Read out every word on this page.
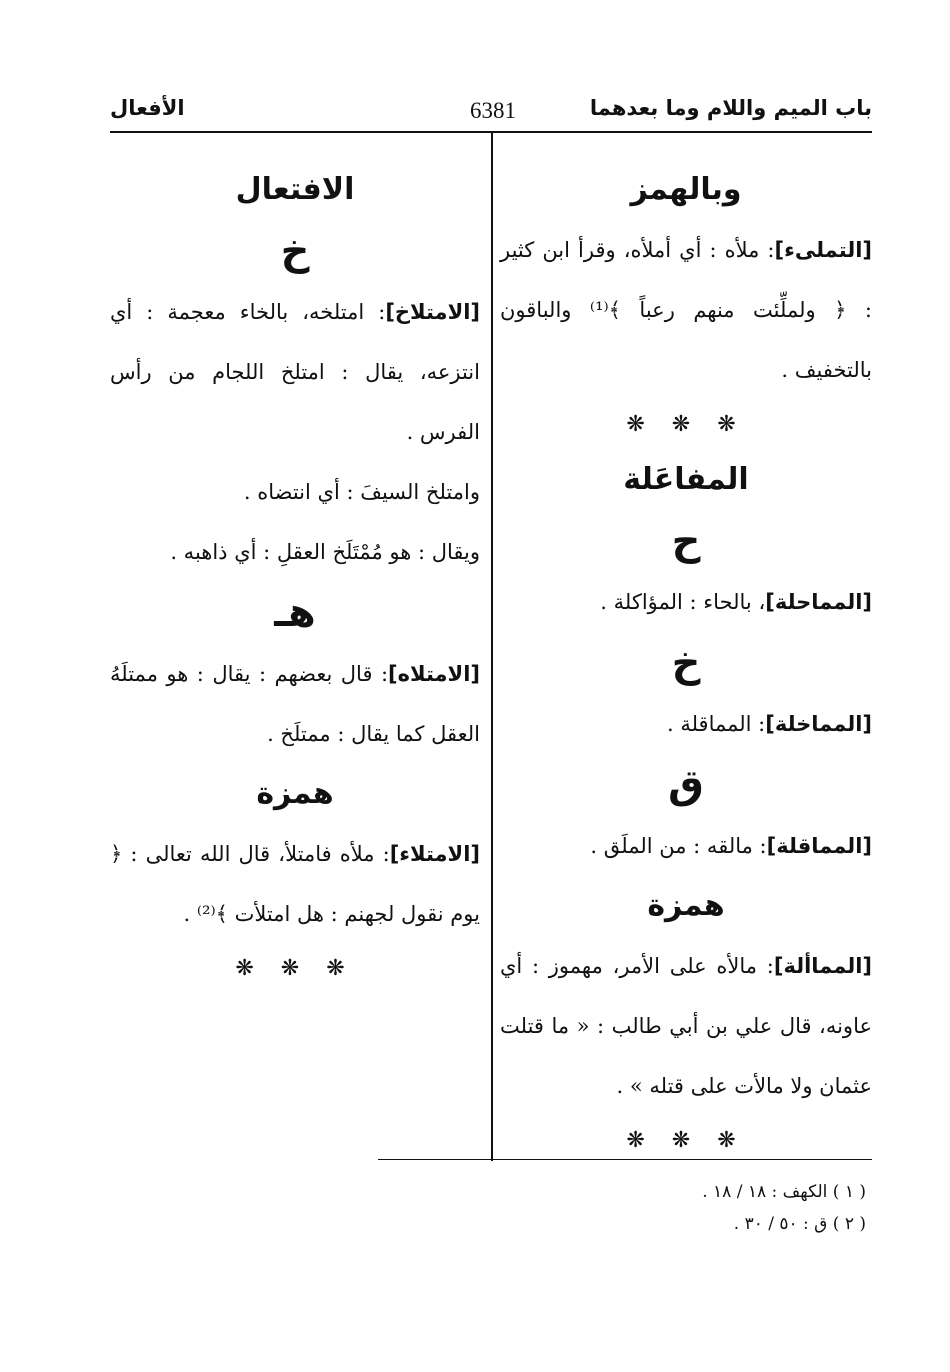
باب الميم واللام وما بعدهما
6381
الأفعال

وبالهمز

[التملىء]: ملأه : أي أملأه، وقرأ ابن كثير : ﴿ ولملِّئت منهم رعباً ﴾⁽¹⁾ والباقون بالتخفيف .

❋ ❋ ❋

المفاعَلة

ح

[المماحلة]، بالحاء : المؤاكلة .

خ

[المماخلة]: المماقلة .

ق

[المماقلة]: مالقه : من الملَق .

همزة

[المماألة]: مالأه على الأمر، مهموز : أي عاونه، قال علي بن أبي طالب : « ما قتلت عثمان ولا مالأت على قتله » .

❋ ❋ ❋

الافتعال

خ

[الامتلاخ]: امتلخه، بالخاء معجمة : أي انتزعه، يقال : امتلخ اللجام من رأس الفرس .

وامتلخ السيفَ : أي انتضاه .

ويقال : هو مُمْتَلَخ العقلِ : أي ذاهبه .

هـ

[الامتلاه]: قال بعضهم : يقال : هو ممتلَهُ العقل كما يقال : ممتلَخ .

همزة

[الامتلاء]: ملأه فامتلأ، قال الله تعالى : ﴿ يوم نقول لجهنم : هل امتلأت ﴾⁽²⁾ .

❋ ❋ ❋

( ١ ) الكهف : ١٨ / ١٨ .

( ٢ ) ق : ٥٠ / ٣٠ .
